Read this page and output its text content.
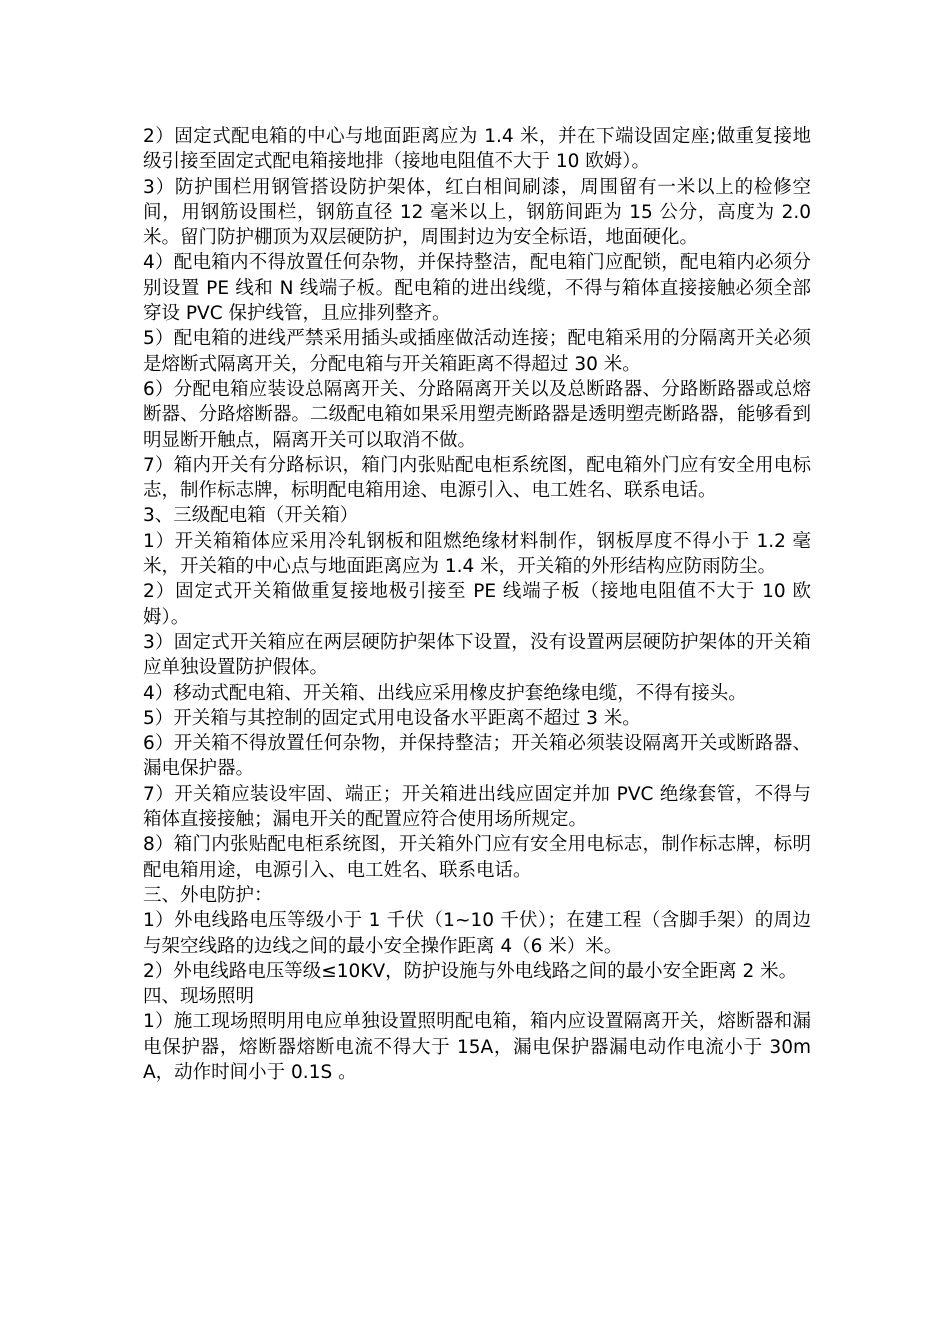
2）固定式配电箱的中心与地面距离应为 1.4 米，并在下端设固定座;做重复接地级引接至固定式配电箱接地排（接地电阻值不大于 10 欧姆）。

3）防护围栏用钢管搭设防护架体，红白相间刷漆，周围留有一米以上的检修空间，用钢筋设围栏，钢筋直径 12 毫米以上，钢筋间距为 15 公分，高度为 2.0 米。留门防护棚顶为双层硬防护，周围封边为安全标语，地面硬化。

4）配电箱内不得放置任何杂物，并保持整洁，配电箱门应配锁，配电箱内必须分别设置 PE 线和 N 线端子板。配电箱的进出线缆，不得与箱体直接接触必须全部穿设 PVC 保护线管，且应排列整齐。

5）配电箱的进线严禁采用插头或插座做活动连接；配电箱采用的分隔离开关必须是熔断式隔离开关，分配电箱与开关箱距离不得超过 30 米。

6）分配电箱应装设总隔离开关、分路隔离开关以及总断路器、分路断路器或总熔断器、分路熔断器。二级配电箱如果采用塑壳断路器是透明塑壳断路器，能够看到明显断开触点，隔离开关可以取消不做。

7）箱内开关有分路标识，箱门内张贴配电柜系统图，配电箱外门应有安全用电标志，制作标志牌，标明配电箱用途、电源引入、电工姓名、联系电话。

3、三级配电箱（开关箱）

1）开关箱箱体应采用冷轧钢板和阻燃绝缘材料制作，钢板厚度不得小于 1.2 毫米，开关箱的中心点与地面距离应为 1.4 米，开关箱的外形结构应防雨防尘。

2）固定式开关箱做重复接地极引接至 PE 线端子板（接地电阻值不大于 10 欧姆）。

3）固定式开关箱应在两层硬防护架体下设置，没有设置两层硬防护架体的开关箱应单独设置防护假体。

4）移动式配电箱、开关箱、出线应采用橡皮护套绝缘电缆，不得有接头。

5）开关箱与其控制的固定式用电设备水平距离不超过 3 米。

6）开关箱不得放置任何杂物，并保持整洁；开关箱必须装设隔离开关或断路器、漏电保护器。

7）开关箱应装设牢固、端正；开关箱进出线应固定并加 PVC 绝缘套管，不得与箱体直接接触；漏电开关的配置应符合使用场所规定。

8）箱门内张贴配电柜系统图，开关箱外门应有安全用电标志，制作标志牌，标明配电箱用途，电源引入、电工姓名、联系电话。

三、外电防护：

1）外电线路电压等级小于 1 千伏（1~10 千伏）；在建工程（含脚手架）的周边与架空线路的边线之间的最小安全操作距离 4（6 米）米。

2）外电线路电压等级≤10KV，防护设施与外电线路之间的最小安全距离 2 米。

四、现场照明

1）施工现场照明用电应单独设置照明配电箱，箱内应设置隔离开关，熔断器和漏电保护器，熔断器熔断电流不得大于 15A，漏电保护器漏电动作电流小于 30mA，动作时间小于 0.1S 。
